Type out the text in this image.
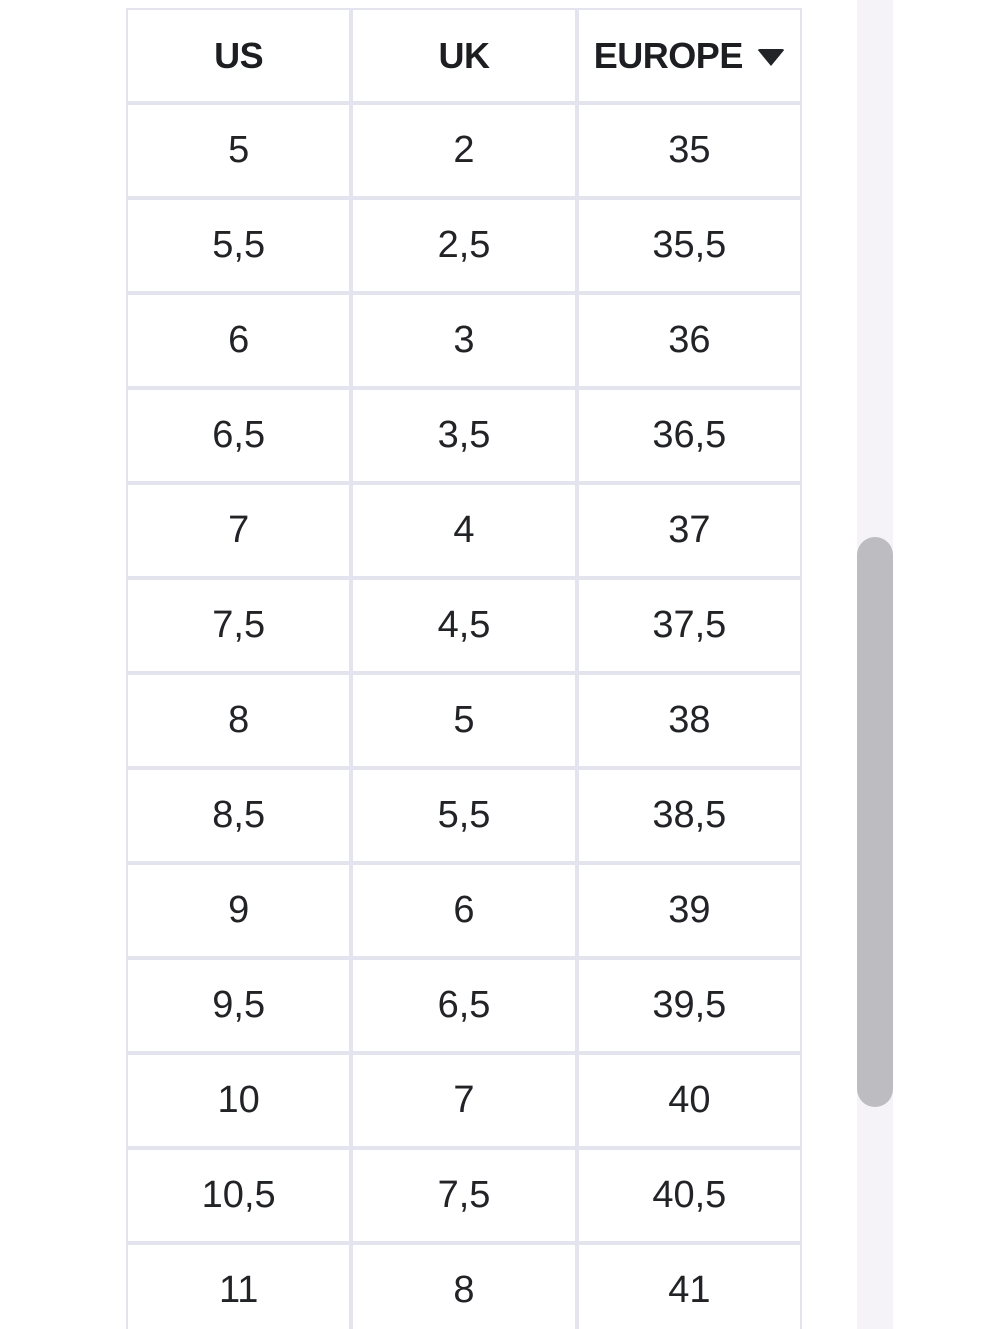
US	UK	EUROPE

5	2	35
5,5	2,5	35,5
6	3	36
6,5	3,5	36,5
7	4	37
7,5	4,5	37,5
8	5	38
8,5	5,5	38,5
9	6	39
9,5	6,5	39,5
10	7	40
10,5	7,5	40,5
11	8	41
